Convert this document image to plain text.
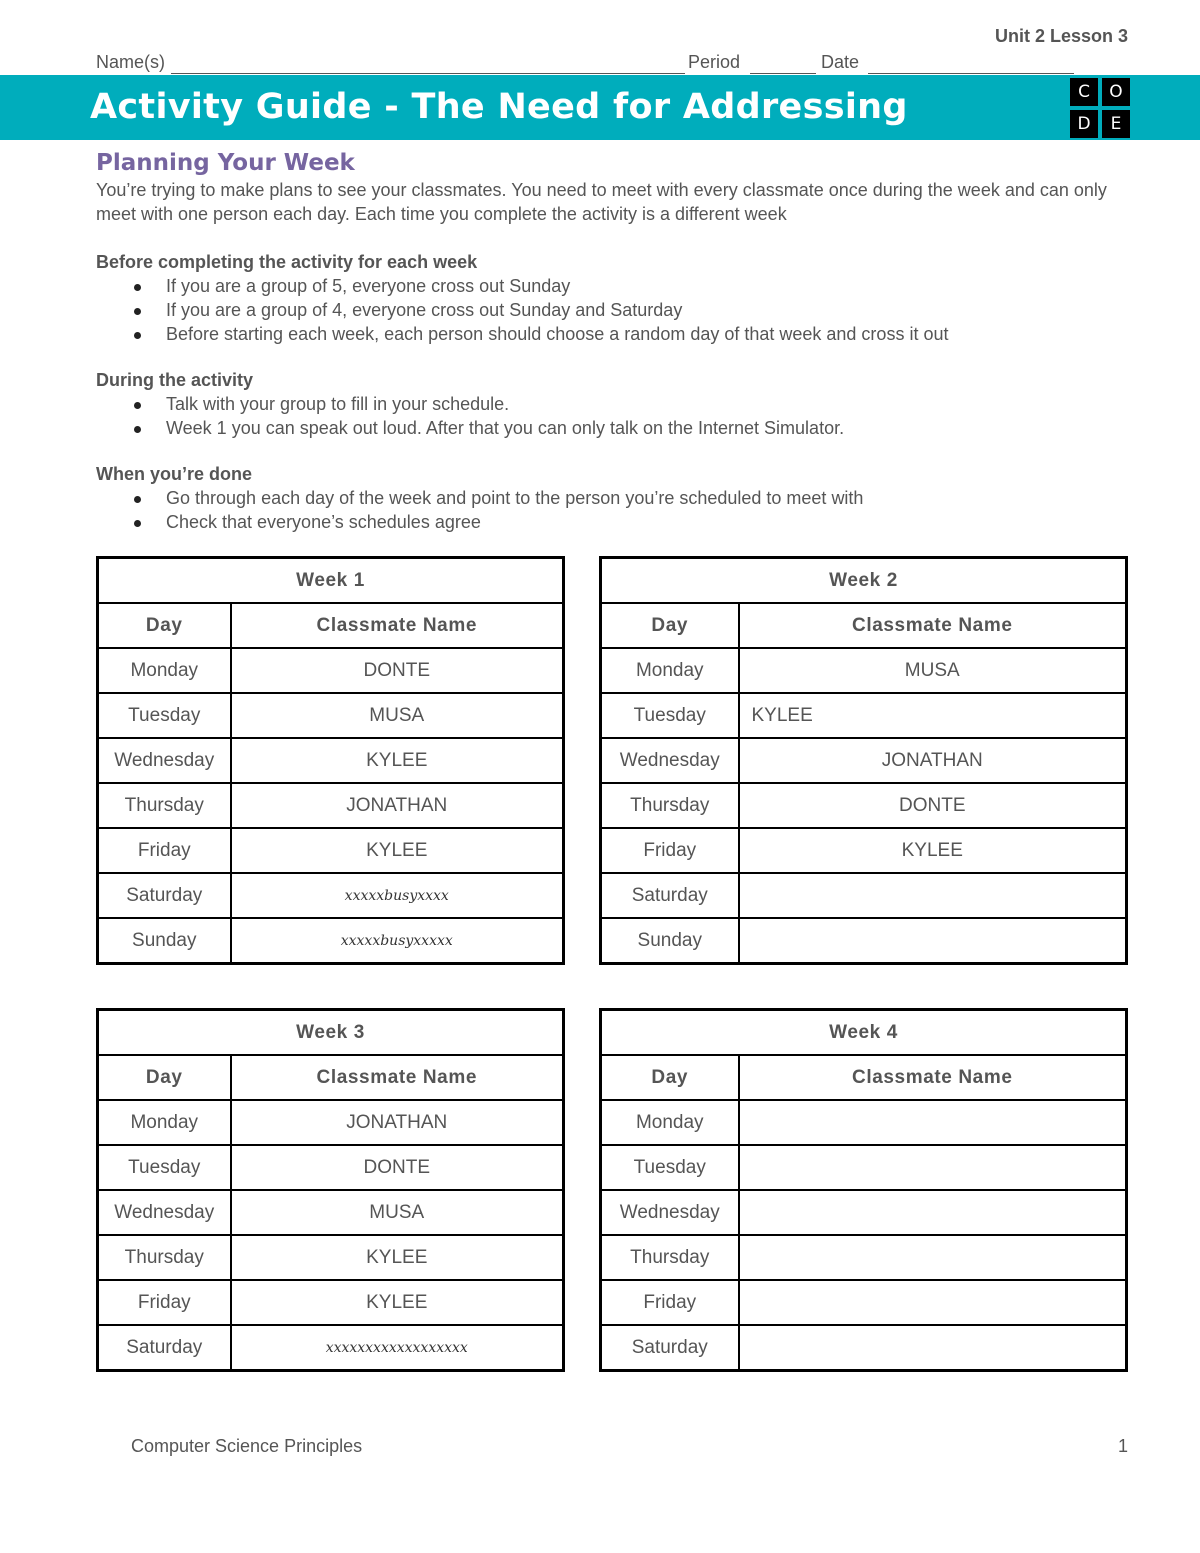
Unit 2 Lesson 3
Name(s)	Period	Date
Activity Guide - The Need for Addressing	C	O
D	E
Planning Your Week

You’re trying to make plans to see your classmates. You need to meet with every classmate once during the week and can only meet with one person each day. Each time you complete the activity is a different week

Before completing the activity for each week

If you are a group of 5, everyone cross out Sunday
If you are a group of 4, everyone cross out Sunday and Saturday
Before starting each week, each person should choose a random day of that week and cross it out

During the activity

Talk with your group to fill in your schedule.
Week 1 you can speak out loud. After that you can only talk on the Internet Simulator.

When you’re done

Go through each day of the week and point to the person you’re scheduled to meet with
Check that everyone’s schedules agree
Week 1	
Day	Classmate Name
Monday	DONTE
Tuesday	MUSA
Wednesday	KYLEE
Thursday	JONATHAN
Friday	KYLEE
Saturday	xxxxxbusyxxxx
Sunday	xxxxxbusyxxxxx
Week 2	
Day	Classmate Name
Monday	MUSA
Tuesday	KYLEE
Wednesday	JONATHAN
Thursday	DONTE
Friday	KYLEE
Saturday	
Sunday	
Week 3	
Day	Classmate Name
Monday	JONATHAN
Tuesday	DONTE
Wednesday	MUSA
Thursday	KYLEE
Friday	KYLEE
Saturday	xxxxxxxxxxxxxxxxxx
Week 4	
Day	Classmate Name
Monday	
Tuesday	
Wednesday	
Thursday	
Friday	
Saturday	
Computer Science Principles	1
